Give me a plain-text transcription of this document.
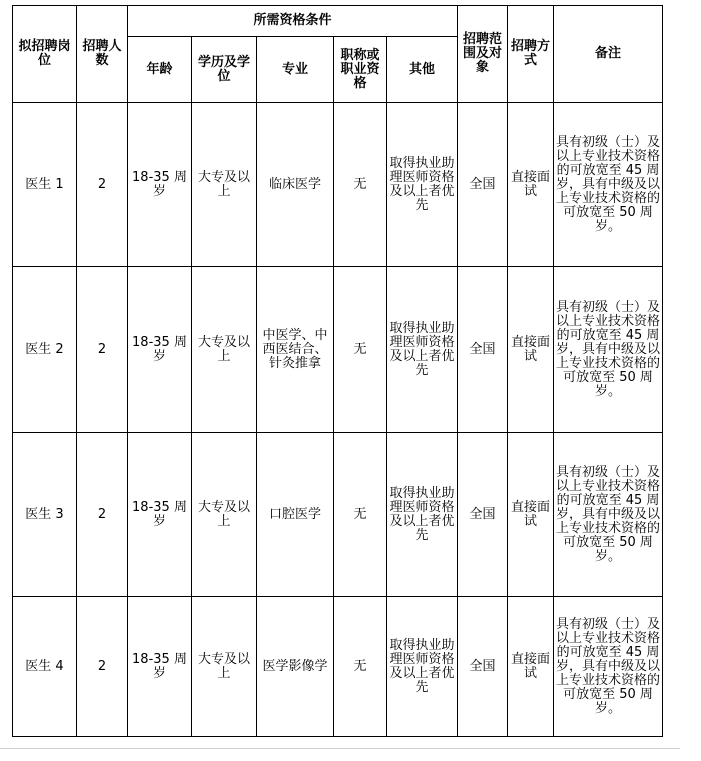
拟招聘岗位	招聘人数	所需资格条件					招聘范围及对象	招聘方式	备注
		年龄	学历及学位	专业	职称或职业资格	其他			
医生 1	2	18-35 周岁	大专及以上	临床医学	无	取得执业助理医师资格及以上者优先	全国	直接面试	具有初级（士）及以上专业技术资格的可放宽至 45 周岁，具有中级及以上专业技术资格的可放宽至 50 周岁。
医生 2	2	18-35 周岁	大专及以上	中医学、中西医结合、针灸推拿	无	取得执业助理医师资格及以上者优先	全国	直接面试	具有初级（士）及以上专业技术资格的可放宽至 45 周岁，具有中级及以上专业技术资格的可放宽至 50 周岁。
医生 3	2	18-35 周岁	大专及以上	口腔医学	无	取得执业助理医师资格及以上者优先	全国	直接面试	具有初级（士）及以上专业技术资格的可放宽至 45 周岁，具有中级及以上专业技术资格的可放宽至 50 周岁。
医生 4	2	18-35 周岁	大专及以上	医学影像学	无	取得执业助理医师资格及以上者优先	全国	直接面试	具有初级（士）及以上专业技术资格的可放宽至 45 周岁，具有中级及以上专业技术资格的可放宽至 50 周岁。
